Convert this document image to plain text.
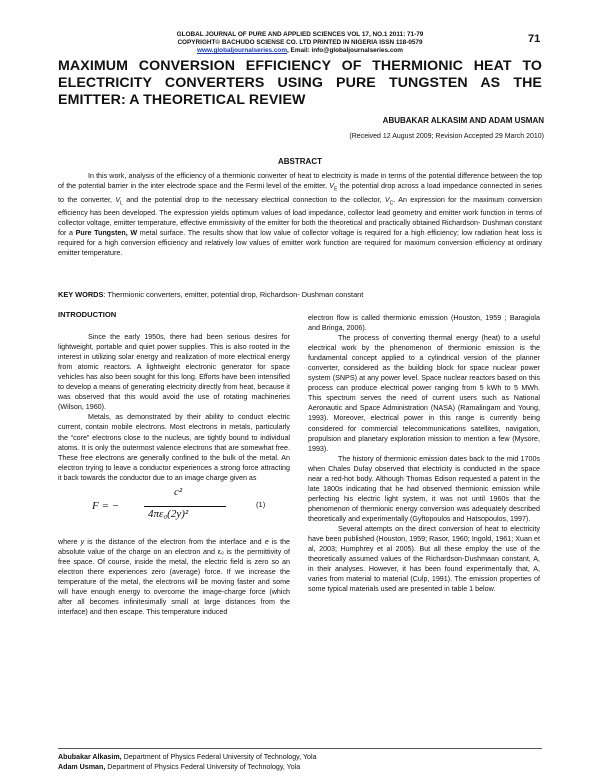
GLOBAL JOURNAL OF PURE AND APPLIED SCIENCES VOL 17, NO.1 2011: 71-79
COPYRIGHT© BACHUDO SCIENSE CO. LTD PRINTED IN NIGERIA ISSN 118-0579
www.globaljournalseries.com, Email: info@globaljournalseries.com
71
MAXIMUM CONVERSION EFFICIENCY OF THERMIONIC HEAT TO ELECTRICITY CONVERTERS USING PURE TUNGSTEN AS THE EMITTER: A THEORETICAL REVIEW
ABUBAKAR ALKASIM AND ADAM USMAN
(Received 12 August 2009; Revision Accepted 29 March 2010)
ABSTRACT

In this work, analysis of the efficiency of a thermionic converter of heat to electricity is made in terms of the potential difference between the top of the potential barrier in the inter electrode space and the Fermi level of the emitter, $V_E$ the potential drop across a load impedance connected in series to the converter, $V_L$ and the potential drop to the necessary electrical connection to the collector, $V_C$. An expression for the maximum conversion efficiency has been developed. The expression yields optimum values of load impedance, collector lead geometry and emitter work function in terms of collector voltage, emitter temperature, effective emmissivity of the emitter for both the theoretical and practically obtained Richardson- Dushman constant for a Pure Tungsten, W metal surface. The results show that low value of collector voltage is required for a high efficiency; low radiation heat loss is required for a high conversion efficiency and relatively low values of emitter work function are required for maximum conversion efficiency at ordinary emitter temperature.

KEY WORDS: Thermionic converters, emitter, potential drop, Richardson- Dushman constant

INTRODUCTION

Since the early 1950s, there had been serious desires for lightweight, portable and quiet power supplies. This is also rooted in the interest in utilizing solar energy and realization of more electrical energy from atomic reactors. A lightweight electronic generator for space vehicles has also been sought for this long. Efforts have been intensified to develop a means of generating electricity directly from heat, because it was observed that this would avoid the use of rotating machineries (Wilson, 1960).

Metals, as demonstrated by their ability to conduct electric current, contain mobile electrons. Most electrons in metals, particularly the “core” electrons close to the nucleus, are tightly bound to individual atoms. It is only the outermost valence electrons that are somewhat free. These free electrons are generally confined to the bulk of the metal. An electron trying to leave a conductor experiences a strong force attracting it back towards the conductor due to an image charge given as

F = −
c²
4πε₀(2y)²
(1)

where y is the distance of the electron from the interface and e is the absolute value of the charge on an electron and ε₀ is the permittivity of free space. Of course, inside the metal, the electric field is zero so an electron there experiences zero (average) force. If we increase the temperature of the metal, the electrons will be moving faster and some will have enough energy to overcome the image-charge force (which after all becomes infinitesimally small at large distances from the interface) and then escape. This temperature induced

electron flow is called thermionic emission (Houston, 1959 ; Baragiola and Bringa, 2006).

The process of converting thermal energy (heat) to a useful electrical work by the phenomenon of thermionic emission is the fundamental concept applied to a cylindrical version of the planner converter, considered as the building block for space nuclear power system (SNPS) at any power level. Space nuclear reactors based on this process can produce electrical power ranging from 5 kWh to 5 MWh. This spectrum serves the need of current users such as National Aeronautic and Space Administration (NASA) (Ramalingam and Young, 1993). Moreover, electrical power in this range is currently being considered for commercial telecommunications satellites, navigation, propulsion and planetary exploration mission to mention a few (Mysore, 1993).

The history of thermionic emission dates back to the mid 1700s when Chales Dufay observed that electricity is conducted in the space near a red-hot body. Although Thomas Edison requested a patent in the late 1800s indicating that he had observed thermionic emission while perfecting his electric light system, it was not until 1960s that the phenomenon of thermionic energy conversion was adequately described theoretically and experimentally (Gyftopoulos and Hatsopoulos, 1997).

Several attempts on the direct conversion of heat to electricity have been published (Houston, 1959; Rasor, 1960; Ingold, 1961; Xuan et al, 2003; Humphrey et al 2005). But all these employ the use of the theoretically assumed values of the Richardson-Dushmaan constant, A, in their analyses. However, it has been found experimentally that, A, varies from material to material (Culp, 1991). The emission properties of some typical materials used are presented in table 1 below.

Abubakar Alkasim, Department of Physics Federal University of Technology, Yola
Adam Usman, Department of Physics Federal University of Technology, Yola
